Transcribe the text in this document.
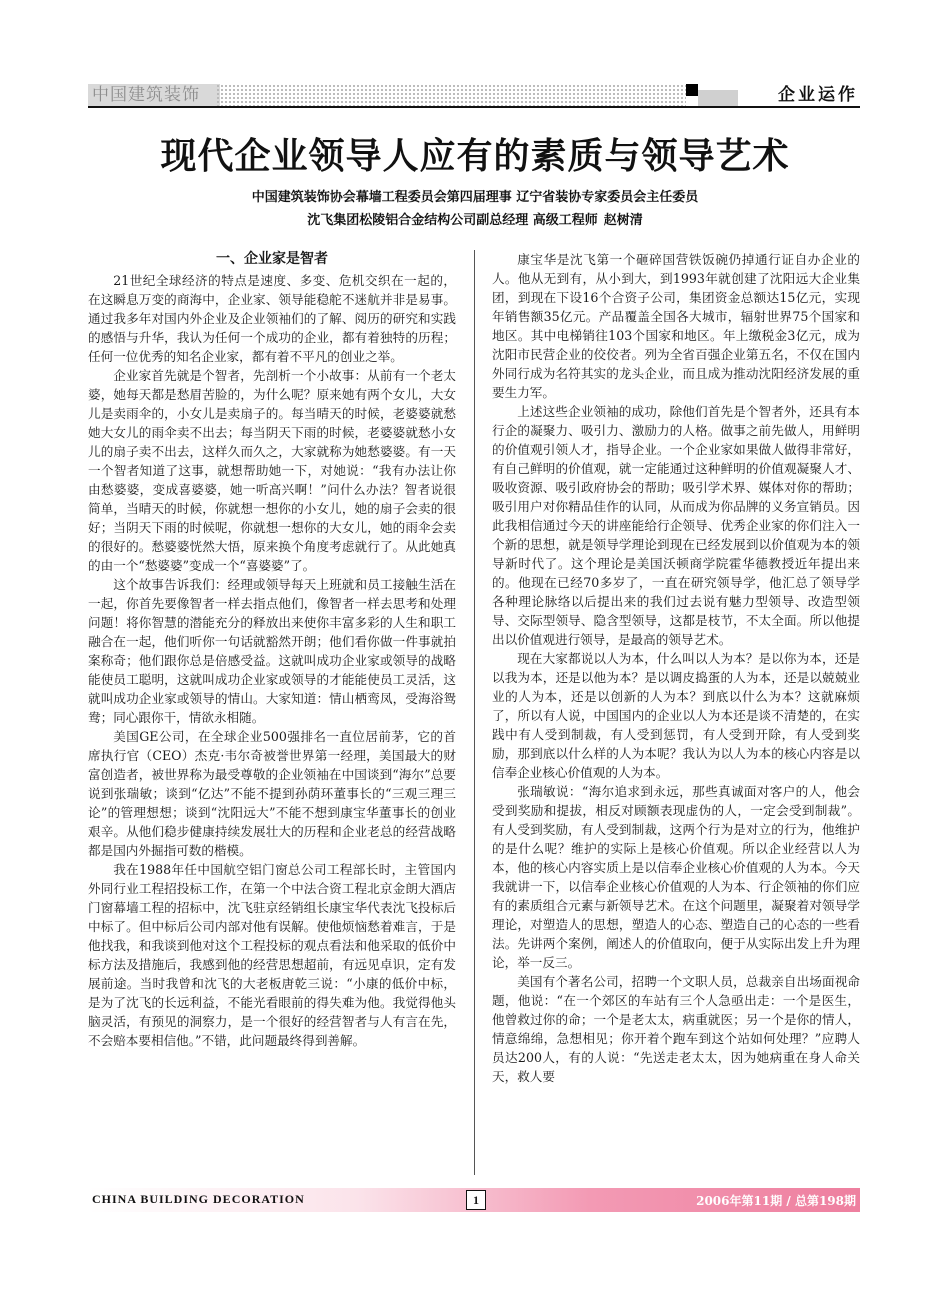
中国建筑装饰	企业运作
现代企业领导人应有的素质与领导艺术
中国建筑装饰协会幕墙工程委员会第四届理事 辽宁省装协专家委员会主任委员
沈飞集团松陵铝合金结构公司副总经理 高级工程师 赵树清
一、企业家是智者

21世纪全球经济的特点是速度、多变、危机交织在一起的，在这瞬息万变的商海中，企业家、领导能稳舵不迷航并非是易事。通过我多年对国内外企业及企业领袖们的了解、阅历的研究和实践的感悟与升华，我认为任何一个成功的企业，都有着独特的历程；任何一位优秀的知名企业家，都有着不平凡的创业之举。

企业家首先就是个智者，先剖析一个小故事：从前有一个老太婆，她每天都是愁眉苦脸的，为什么呢？原来她有两个女儿，大女儿是卖雨伞的，小女儿是卖扇子的。每当晴天的时候，老婆婆就愁她大女儿的雨伞卖不出去；每当阴天下雨的时候，老婆婆就愁小女儿的扇子卖不出去，这样久而久之，大家就称为她愁婆婆。有一天一个智者知道了这事，就想帮助她一下，对她说：“我有办法让你由愁婆婆，变成喜婆婆，她一听高兴啊！”问什么办法？智者说很简单，当晴天的时候，你就想一想你的小女儿，她的扇子会卖的很好；当阴天下雨的时候呢，你就想一想你的大女儿，她的雨伞会卖的很好的。愁婆婆恍然大悟，原来换个角度考虑就行了。从此她真的由一个“愁婆婆”变成一个“喜婆婆”了。

这个故事告诉我们：经理或领导每天上班就和员工接触生活在一起，你首先要像智者一样去指点他们，像智者一样去思考和处理问题！将你智慧的潜能充分的释放出来使你丰富多彩的人生和职工融合在一起，他们听你一句话就豁然开朗；他们看你做一件事就拍案称奇；他们跟你总是倍感受益。这就叫成功企业家或领导的战略能使员工聪明，这就叫成功企业家或领导的才能能使员工灵活，这就叫成功企业家或领导的情山。大家知道：情山栖鸾凤，受海浴鸳鸯；同心跟你干，情欲永相随。

美国GE公司，在全球企业500强排名一直位居前茅，它的首席执行官（CEO）杰克·韦尔奇被誉世界第一经理，美国最大的财富创造者，被世界称为最受尊敬的企业领袖在中国谈到“海尔”总要说到张瑞敏；谈到“亿达”不能不提到孙荫环董事长的“三观三理三论”的管理想想；谈到“沈阳远大”不能不想到康宝华董事长的创业艰辛。从他们稳步健康持续发展壮大的历程和企业老总的经营战略都是国内外掘指可数的楷模。

我在1988年任中国航空铝门窗总公司工程部长时，主管国内外同行业工程招投标工作，在第一个中法合资工程北京金朗大酒店门窗幕墙工程的招标中，沈飞驻京经销组长康宝华代表沈飞投标后中标了。但中标后公司内部对他有误解。使他烦恼愁着难言，于是他找我，和我谈到他对这个工程投标的观点看法和他采取的低价中标方法及措施后，我感到他的经营思想超前，有远见卓识，定有发展前途。当时我曾和沈飞的大老板唐乾三说：“小康的低价中标，是为了沈飞的长远利益，不能光看眼前的得失难为他。我觉得他头脑灵活，有预见的洞察力，是一个很好的经营智者与人有言在先，不会赔本要相信他。”不错，此问题最终得到善解。

康宝华是沈飞第一个砸碎国营铁饭碗仍掉通行证自办企业的人。他从无到有，从小到大，到1993年就创建了沈阳远大企业集团，到现在下设16个合资子公司，集团资金总额达15亿元，实现年销售额35亿元。产品覆盖全国各大城市，辐射世界75个国家和地区。其中电梯销往103个国家和地区。年上缴税金3亿元，成为沈阳市民营企业的佼佼者。列为全省百强企业第五名，不仅在国内外同行成为名符其实的龙头企业，而且成为推动沈阳经济发展的重要生力军。

上述这些企业领袖的成功，除他们首先是个智者外，还具有本行企的凝聚力、吸引力、激励力的人格。做事之前先做人，用鲜明的价值观引领人才，指导企业。一个企业家如果做人做得非常好，有自己鲜明的价值观，就一定能通过这种鲜明的价值观凝聚人才、吸收资源、吸引政府协会的帮助；吸引学术界、媒体对你的帮助；吸引用户对你精品佳作的认同，从而成为你品牌的义务宣销员。因此我相信通过今天的讲座能给行企领导、优秀企业家的你们注入一个新的思想，就是领导学理论到现在已经发展到以价值观为本的领导新时代了。这个理论是美国沃顿商学院霍华德教授近年提出来的。他现在已经70多岁了，一直在研究领导学，他汇总了领导学各种理论脉络以后提出来的我们过去说有魅力型领导、改造型领导、交际型领导、隐含型领导，这都是枝节，不太全面。所以他提出以价值观进行领导，是最高的领导艺术。

现在大家都说以人为本，什么叫以人为本？是以你为本，还是以我为本，还是以他为本？是以调皮捣蛋的人为本，还是以兢兢业业的人为本，还是以创新的人为本？到底以什么为本？这就麻烦了，所以有人说，中国国内的企业以人为本还是谈不清楚的，在实践中有人受到制裁，有人受到惩罚，有人受到开除，有人受到奖励，那到底以什么样的人为本呢？我认为以人为本的核心内容是以信奉企业核心价值观的人为本。

张瑞敏说：“海尔追求到永远，那些真诚面对客户的人，他会受到奖励和提拔，相反对顾额表现虚伪的人，一定会受到制裁”。有人受到奖励，有人受到制裁，这两个行为是对立的行为，他维护的是什么呢？维护的实际上是核心价值观。所以企业经营以人为本，他的核心内容实质上是以信奉企业核心价值观的人为本。今天我就讲一下，以信奉企业核心价值观的人为本、行企领袖的你们应有的素质组合元素与新领导艺术。在这个问题里，凝聚着对领导学理论，对塑造人的思想，塑造人的心态、塑造自己的心态的一些看法。先讲两个案例，阐述人的价值取向，便于从实际出发上升为理论，举一反三。

美国有个著名公司，招聘一个文职人员，总裁亲自出场面视命题，他说：“在一个郊区的车站有三个人急亟出走：一个是医生，他曾救过你的命；一个是老太太，病重就医；另一个是你的情人，情意绵绵，急想相见；你开着个跑车到这个站如何处理？”应聘人员达200人，有的人说：“先送走老太太，因为她病重在身人命关天，救人要

CHINA BUILDING DECORATION	1	2006年第11期 / 总第198期
